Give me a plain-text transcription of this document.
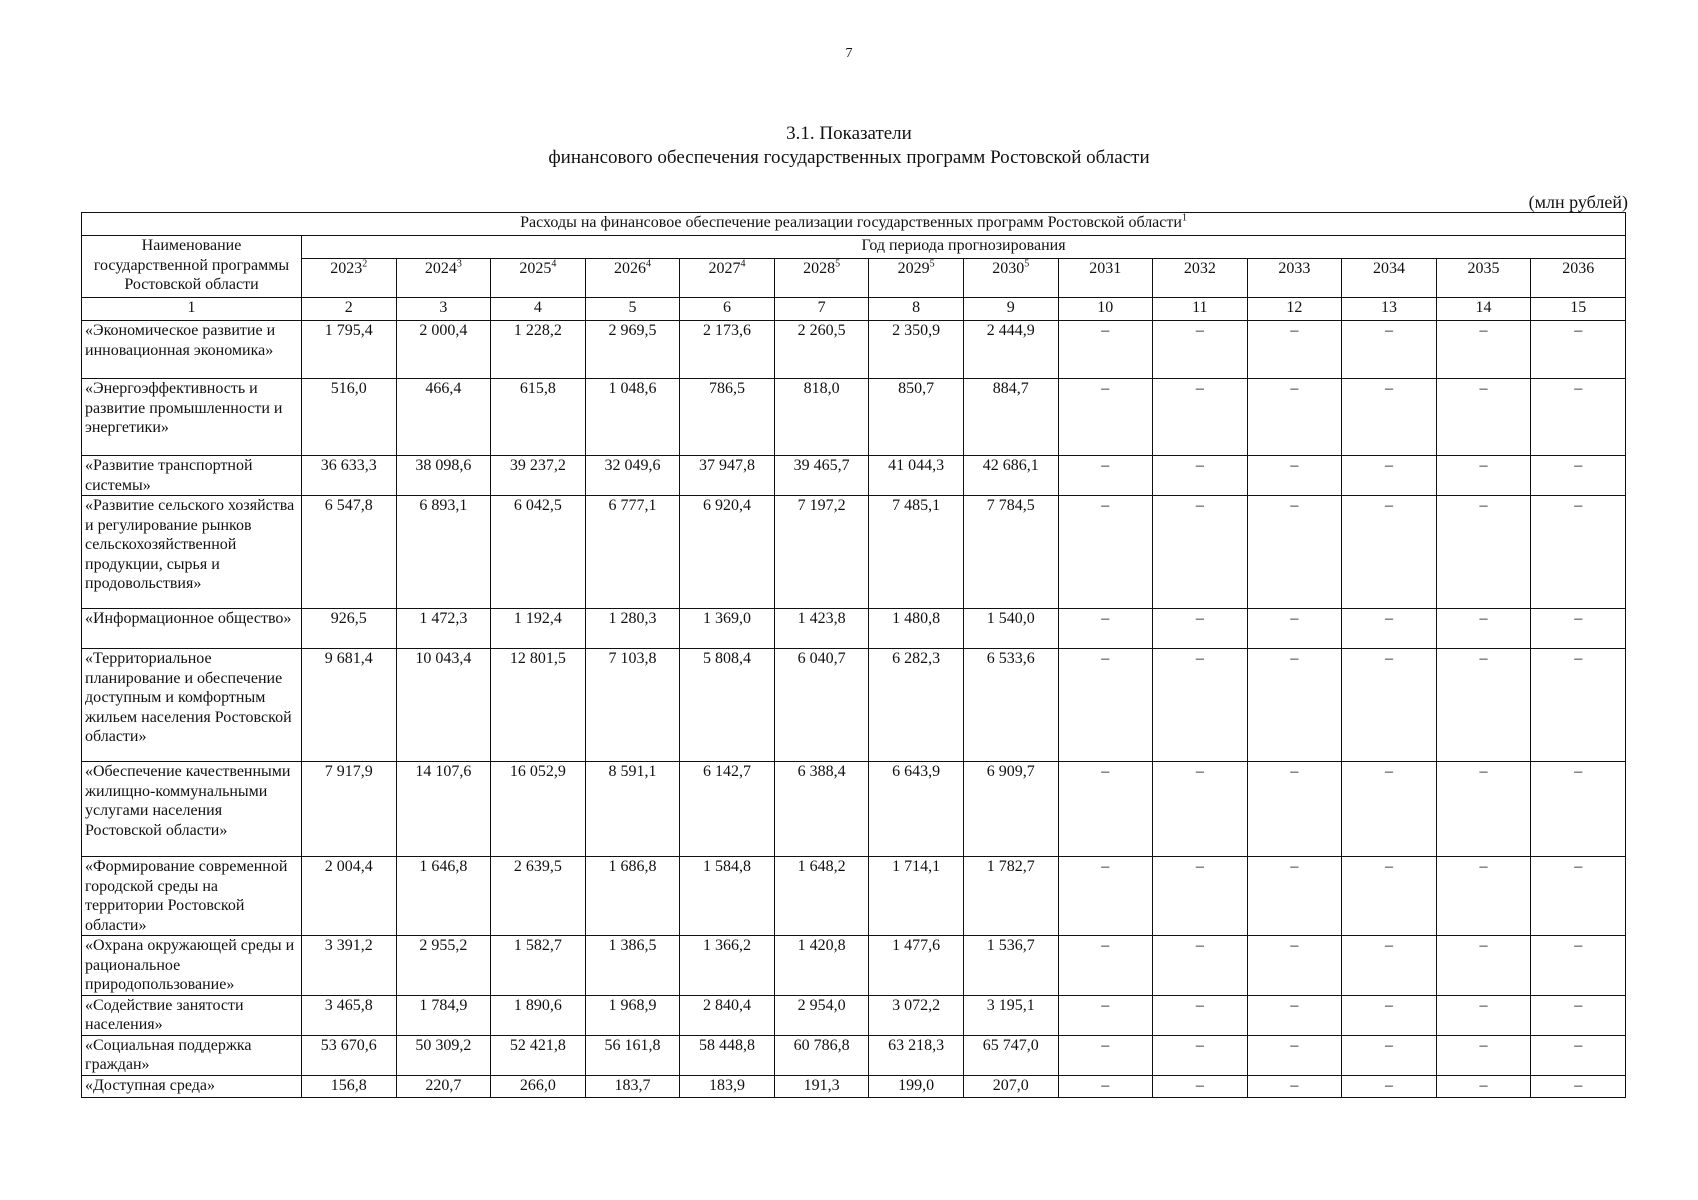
7
3.1. Показатели
финансового обеспечения государственных программ Ростовской области
(млн рублей)
Расходы на финансовое обеспечение реализации государственных программ Ростовской области$^1$
Наименование государственной программы Ростовской области	Год периода прогнозирования													
	2023$^2$	2024$^3$	2025$^4$	2026$^4$	2027$^4$	2028$^5$	2029$^5$	2030$^5$	2031	2032	2033	2034	2035	2036
1	2	3	4	5	6	7	8	9	10	11	12	13	14	15
«Экономическое развитие и инновационная экономика»	1 795,4	2 000,4	1 228,2	2 969,5	2 173,6	2 260,5	2 350,9	2 444,9	–	–	–	–	–	–
«Энергоэффективность и развитие промышленности и энергетики»	516,0	466,4	615,8	1 048,6	786,5	818,0	850,7	884,7	–	–	–	–	–	–
«Развитие транспортной системы»	36 633,3	38 098,6	39 237,2	32 049,6	37 947,8	39 465,7	41 044,3	42 686,1	–	–	–	–	–	–
«Развитие сельского хозяйства и регулирование рынков сельскохозяйственной продукции, сырья и продовольствия»	6 547,8	6 893,1	6 042,5	6 777,1	6 920,4	7 197,2	7 485,1	7 784,5	–	–	–	–	–	–
«Информационное общество»	926,5	1 472,3	1 192,4	1 280,3	1 369,0	1 423,8	1 480,8	1 540,0	–	–	–	–	–	–
«Территориальное планирование и обеспечение доступным и комфортным жильем населения Ростовской области»	9 681,4	10 043,4	12 801,5	7 103,8	5 808,4	6 040,7	6 282,3	6 533,6	–	–	–	–	–	–
«Обеспечение качественными жилищно-коммунальными услугами населения Ростовской области»	7 917,9	14 107,6	16 052,9	8 591,1	6 142,7	6 388,4	6 643,9	6 909,7	–	–	–	–	–	–
«Формирование современной городской среды на территории Ростовской области»	2 004,4	1 646,8	2 639,5	1 686,8	1 584,8	1 648,2	1 714,1	1 782,7	–	–	–	–	–	–
«Охрана окружающей среды и рациональное природопользование»	3 391,2	2 955,2	1 582,7	1 386,5	1 366,2	1 420,8	1 477,6	1 536,7	–	–	–	–	–	–
«Содействие занятости населения»	3 465,8	1 784,9	1 890,6	1 968,9	2 840,4	2 954,0	3 072,2	3 195,1	–	–	–	–	–	–
«Социальная поддержка граждан»	53 670,6	50 309,2	52 421,8	56 161,8	58 448,8	60 786,8	63 218,3	65 747,0	–	–	–	–	–	–
«Доступная среда»	156,8	220,7	266,0	183,7	183,9	191,3	199,0	207,0	–	–	–	–	–	–
